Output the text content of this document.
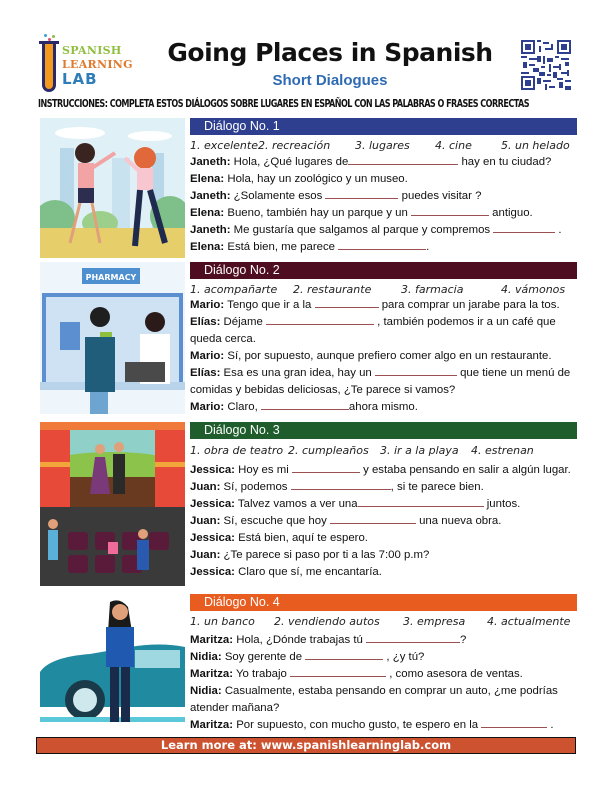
SPANISH
LEARNING
LAB
Going Places in Spanish
Short Dialogues
INSTRUCCIONES: COMPLETA ESTOS DIÁLOGOS SOBRE LUGARES EN ESPAÑOL CON LAS PALABRAS O FRASES CORRECTAS
Diálogo No. 1
1. excelente 2. recreación	3. lugares	4. cine	5. un helado
Janeth: Hola, ¿Qué lugares de	hay en tu ciudad?
Elena: Hola, hay un zoológico y un museo.
Janeth: ¿Solamente esos	puedes visitar ?
Elena: Bueno, también hay un parque y un	antiguo.
Janeth: Me gustaría que salgamos al parque y compremos	.
Elena: Está bien, me parece	.
PHARMACY
Diálogo No. 2
1. acompañarte 2. restaurante	3. farmacia	4. vámonos
Mario: Tengo que ir a la	para comprar un jarabe para la tos.
Elías: Déjame	, también podemos ir a un café que
queda cerca.
Mario: Sí, por supuesto, aunque prefiero comer algo en un restaurante.
Elías: Esa es una gran idea, hay un	que tiene un menú de
comidas y bebidas deliciosas, ¿Te parece si vamos?
Mario: Claro,	ahora mismo.
Diálogo No. 3
1. obra de teatro 2. cumpleaños 3. ir a la playa	4. estrenan
Jessica: Hoy es mi	y estaba pensando en salir a algún lugar.
Juan: Sí, podemos	, si te parece bien.
Jessica: Talvez vamos a ver una	juntos.
Juan: Sí, escuche que hoy	una nueva obra.
Jessica: Está bien, aquí te espero.
Juan: ¿Te parece si paso por ti a las 7:00 p.m?
Jessica: Claro que sí, me encantaría.
Diálogo No. 4
1. un banco 2. vendiendo autos 3. empresa	4. actualmente
Maritza: Hola, ¿Dónde trabajas tú	?
Nidia: Soy gerente de	, ¿y tú?
Maritza: Yo trabajo	, como asesora de ventas.
Nidia: Casualmente, estaba pensando en comprar un auto, ¿me podrías
atender mañana?
Maritza: Por supuesto, con mucho gusto, te espero en la	.
Learn more at: www.spanishlearninglab.com
